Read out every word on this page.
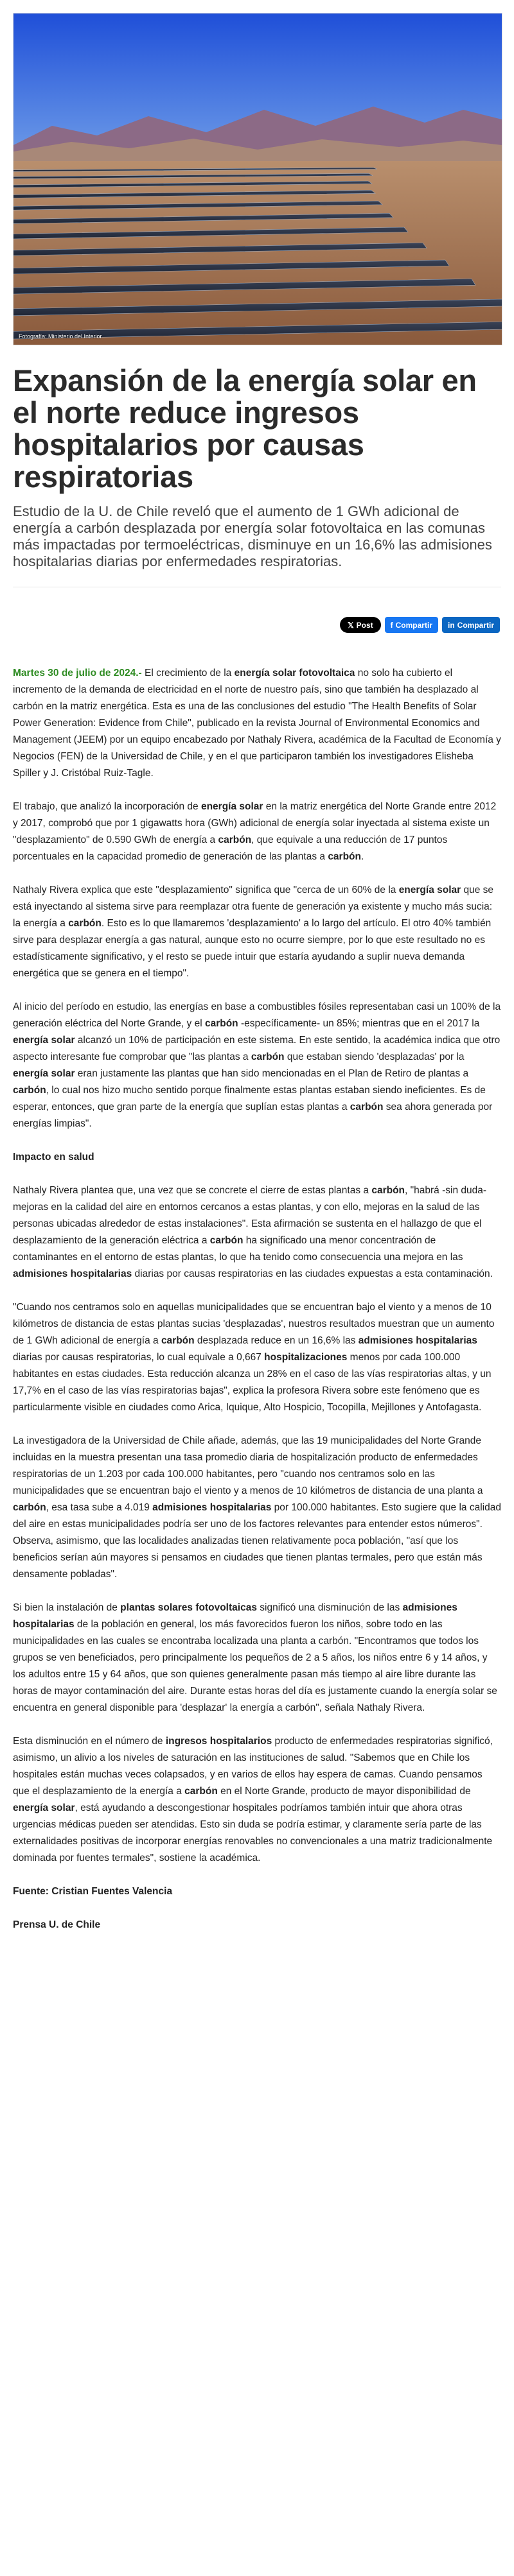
Fotografía: Ministerio del Interior
Expansión de la energía solar en el norte reduce ingresos hospitalarios por causas respiratorias

Estudio de la U. de Chile reveló que el aumento de 1 GWh adicional de energía a carbón desplazada por energía solar fotovoltaica en las comunas más impactadas por termoeléctricas, disminuye en un 16,6% las admisiones hospitalarias diarias por enfermedades respiratorias.

𝕏 Post f Compartir in Compartir

Martes 30 de julio de 2024.- El crecimiento de la energía solar fotovoltaica no solo ha cubierto el incremento de la demanda de electricidad en el norte de nuestro país, sino que también ha desplazado al carbón en la matriz energética. Esta es una de las conclusiones del estudio "The Health Benefits of Solar Power Generation: Evidence from Chile", publicado en la revista Journal of Environmental Economics and Management (JEEM) por un equipo encabezado por Nathaly Rivera, académica de la Facultad de Economía y Negocios (FEN) de la Universidad de Chile, y en el que participaron también los investigadores Elisheba Spiller y J. Cristóbal Ruiz-Tagle.

El trabajo, que analizó la incorporación de energía solar en la matriz energética del Norte Grande entre 2012 y 2017, comprobó que por 1 gigawatts hora (GWh) adicional de energía solar inyectada al sistema existe un "desplazamiento" de 0.590 GWh de energía a carbón, que equivale a una reducción de 17 puntos porcentuales en la capacidad promedio de generación de las plantas a carbón.

Nathaly Rivera explica que este "desplazamiento" significa que "cerca de un 60% de la energía solar que se está inyectando al sistema sirve para reemplazar otra fuente de generación ya existente y mucho más sucia: la energía a carbón. Esto es lo que llamaremos 'desplazamiento' a lo largo del artículo. El otro 40% también sirve para desplazar energía a gas natural, aunque esto no ocurre siempre, por lo que este resultado no es estadísticamente significativo, y el resto se puede intuir que estaría ayudando a suplir nueva demanda energética que se genera en el tiempo".

Al inicio del período en estudio, las energías en base a combustibles fósiles representaban casi un 100% de la generación eléctrica del Norte Grande, y el carbón -específicamente- un 85%; mientras que en el 2017 la energía solar alcanzó un 10% de participación en este sistema. En este sentido, la académica indica que otro aspecto interesante fue comprobar que "las plantas a carbón que estaban siendo 'desplazadas' por la energía solar eran justamente las plantas que han sido mencionadas en el Plan de Retiro de plantas a carbón, lo cual nos hizo mucho sentido porque finalmente estas plantas estaban siendo ineficientes. Es de esperar, entonces, que gran parte de la energía que suplían estas plantas a carbón sea ahora generada por energías limpias".

Impacto en salud

Nathaly Rivera plantea que, una vez que se concrete el cierre de estas plantas a carbón, "habrá -sin duda- mejoras en la calidad del aire en entornos cercanos a estas plantas, y con ello, mejoras en la salud de las personas ubicadas alrededor de estas instalaciones". Esta afirmación se sustenta en el hallazgo de que el desplazamiento de la generación eléctrica a carbón ha significado una menor concentración de contaminantes en el entorno de estas plantas, lo que ha tenido como consecuencia una mejora en las admisiones hospitalarias diarias por causas respiratorias en las ciudades expuestas a esta contaminación.

"Cuando nos centramos solo en aquellas municipalidades que se encuentran bajo el viento y a menos de 10 kilómetros de distancia de estas plantas sucias 'desplazadas', nuestros resultados muestran que un aumento de 1 GWh adicional de energía a carbón desplazada reduce en un 16,6% las admisiones hospitalarias diarias por causas respiratorias, lo cual equivale a 0,667 hospitalizaciones menos por cada 100.000 habitantes en estas ciudades. Esta reducción alcanza un 28% en el caso de las vías respiratorias altas, y un 17,7% en el caso de las vías respiratorias bajas", explica la profesora Rivera sobre este fenómeno que es particularmente visible en ciudades como Arica, Iquique, Alto Hospicio, Tocopilla, Mejillones y Antofagasta.

La investigadora de la Universidad de Chile añade, además, que las 19 municipalidades del Norte Grande incluidas en la muestra presentan una tasa promedio diaria de hospitalización producto de enfermedades respiratorias de un 1.203 por cada 100.000 habitantes, pero "cuando nos centramos solo en las municipalidades que se encuentran bajo el viento y a menos de 10 kilómetros de distancia de una planta a carbón, esa tasa sube a 4.019 admisiones hospitalarias por 100.000 habitantes. Esto sugiere que la calidad del aire en estas municipalidades podría ser uno de los factores relevantes para entender estos números". Observa, asimismo, que las localidades analizadas tienen relativamente poca población, "así que los beneficios serían aún mayores si pensamos en ciudades que tienen plantas termales, pero que están más densamente pobladas".

Si bien la instalación de plantas solares fotovoltaicas significó una disminución de las admisiones hospitalarias de la población en general, los más favorecidos fueron los niños, sobre todo en las municipalidades en las cuales se encontraba localizada una planta a carbón. "Encontramos que todos los grupos se ven beneficiados, pero principalmente los pequeños de 2 a 5 años, los niños entre 6 y 14 años, y los adultos entre 15 y 64 años, que son quienes generalmente pasan más tiempo al aire libre durante las horas de mayor contaminación del aire. Durante estas horas del día es justamente cuando la energía solar se encuentra en general disponible para 'desplazar' la energía a carbón", señala Nathaly Rivera.

Esta disminución en el número de ingresos hospitalarios producto de enfermedades respiratorias significó, asimismo, un alivio a los niveles de saturación en las instituciones de salud. "Sabemos que en Chile los hospitales están muchas veces colapsados, y en varios de ellos hay espera de camas. Cuando pensamos que el desplazamiento de la energía a carbón en el Norte Grande, producto de mayor disponibilidad de energía solar, está ayudando a descongestionar hospitales podríamos también intuir que ahora otras urgencias médicas pueden ser atendidas. Esto sin duda se podría estimar, y claramente sería parte de las externalidades positivas de incorporar energías renovables no convencionales a una matriz tradicionalmente dominada por fuentes termales", sostiene la académica.

Fuente: Cristian Fuentes Valencia

Prensa U. de Chile
